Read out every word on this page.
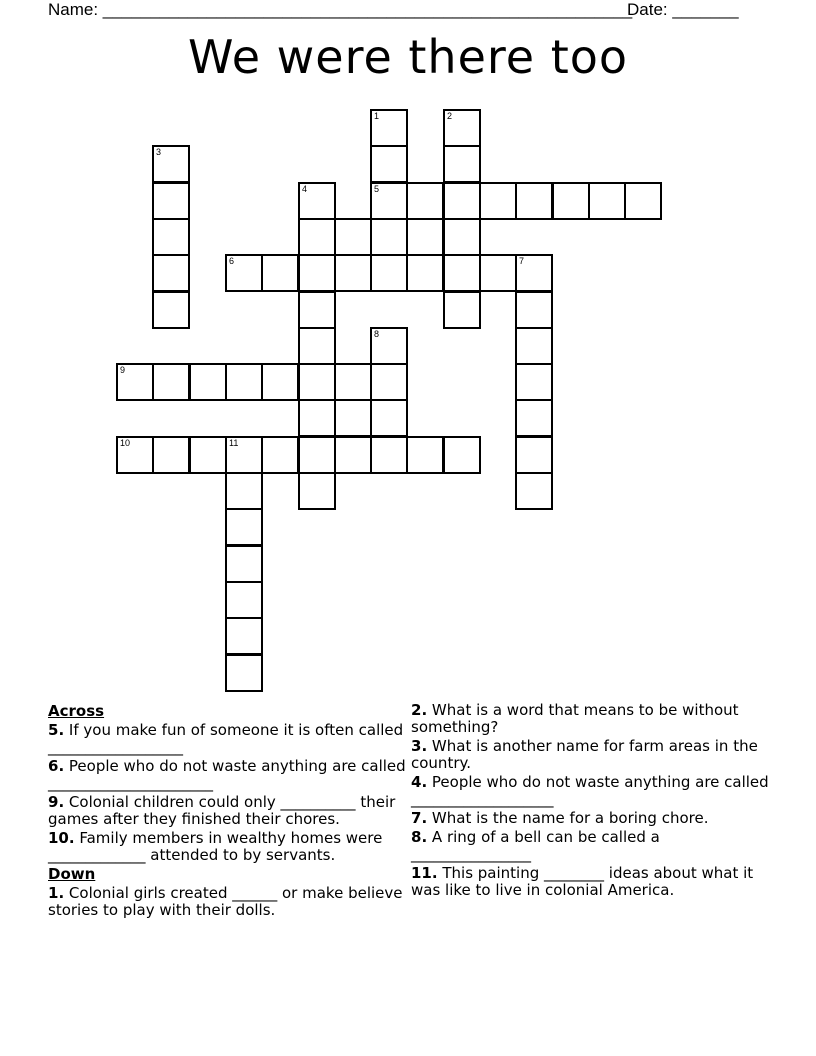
Name: ________________________________________________________
Date: _______
We were there too
1	2
3
4	5
6	7
8
9
10	11
Across
5. If you make fun of someone it is often called __________________
6. People who do not waste anything are called ______________________
9. Colonial children could only __________ their games after they finished their chores.
10. Family members in wealthy homes were _____________ attended to by servants.
Down
1. Colonial girls created ______ or make believe stories to play with their dolls.
2. What is a word that means to be without something?
3. What is another name for farm areas in the country.
4. People who do not waste anything are called ___________________
7. What is the name for a boring chore.
8. A ring of a bell can be called a ________________
11. This painting ________ ideas about what it was like to live in colonial America.
